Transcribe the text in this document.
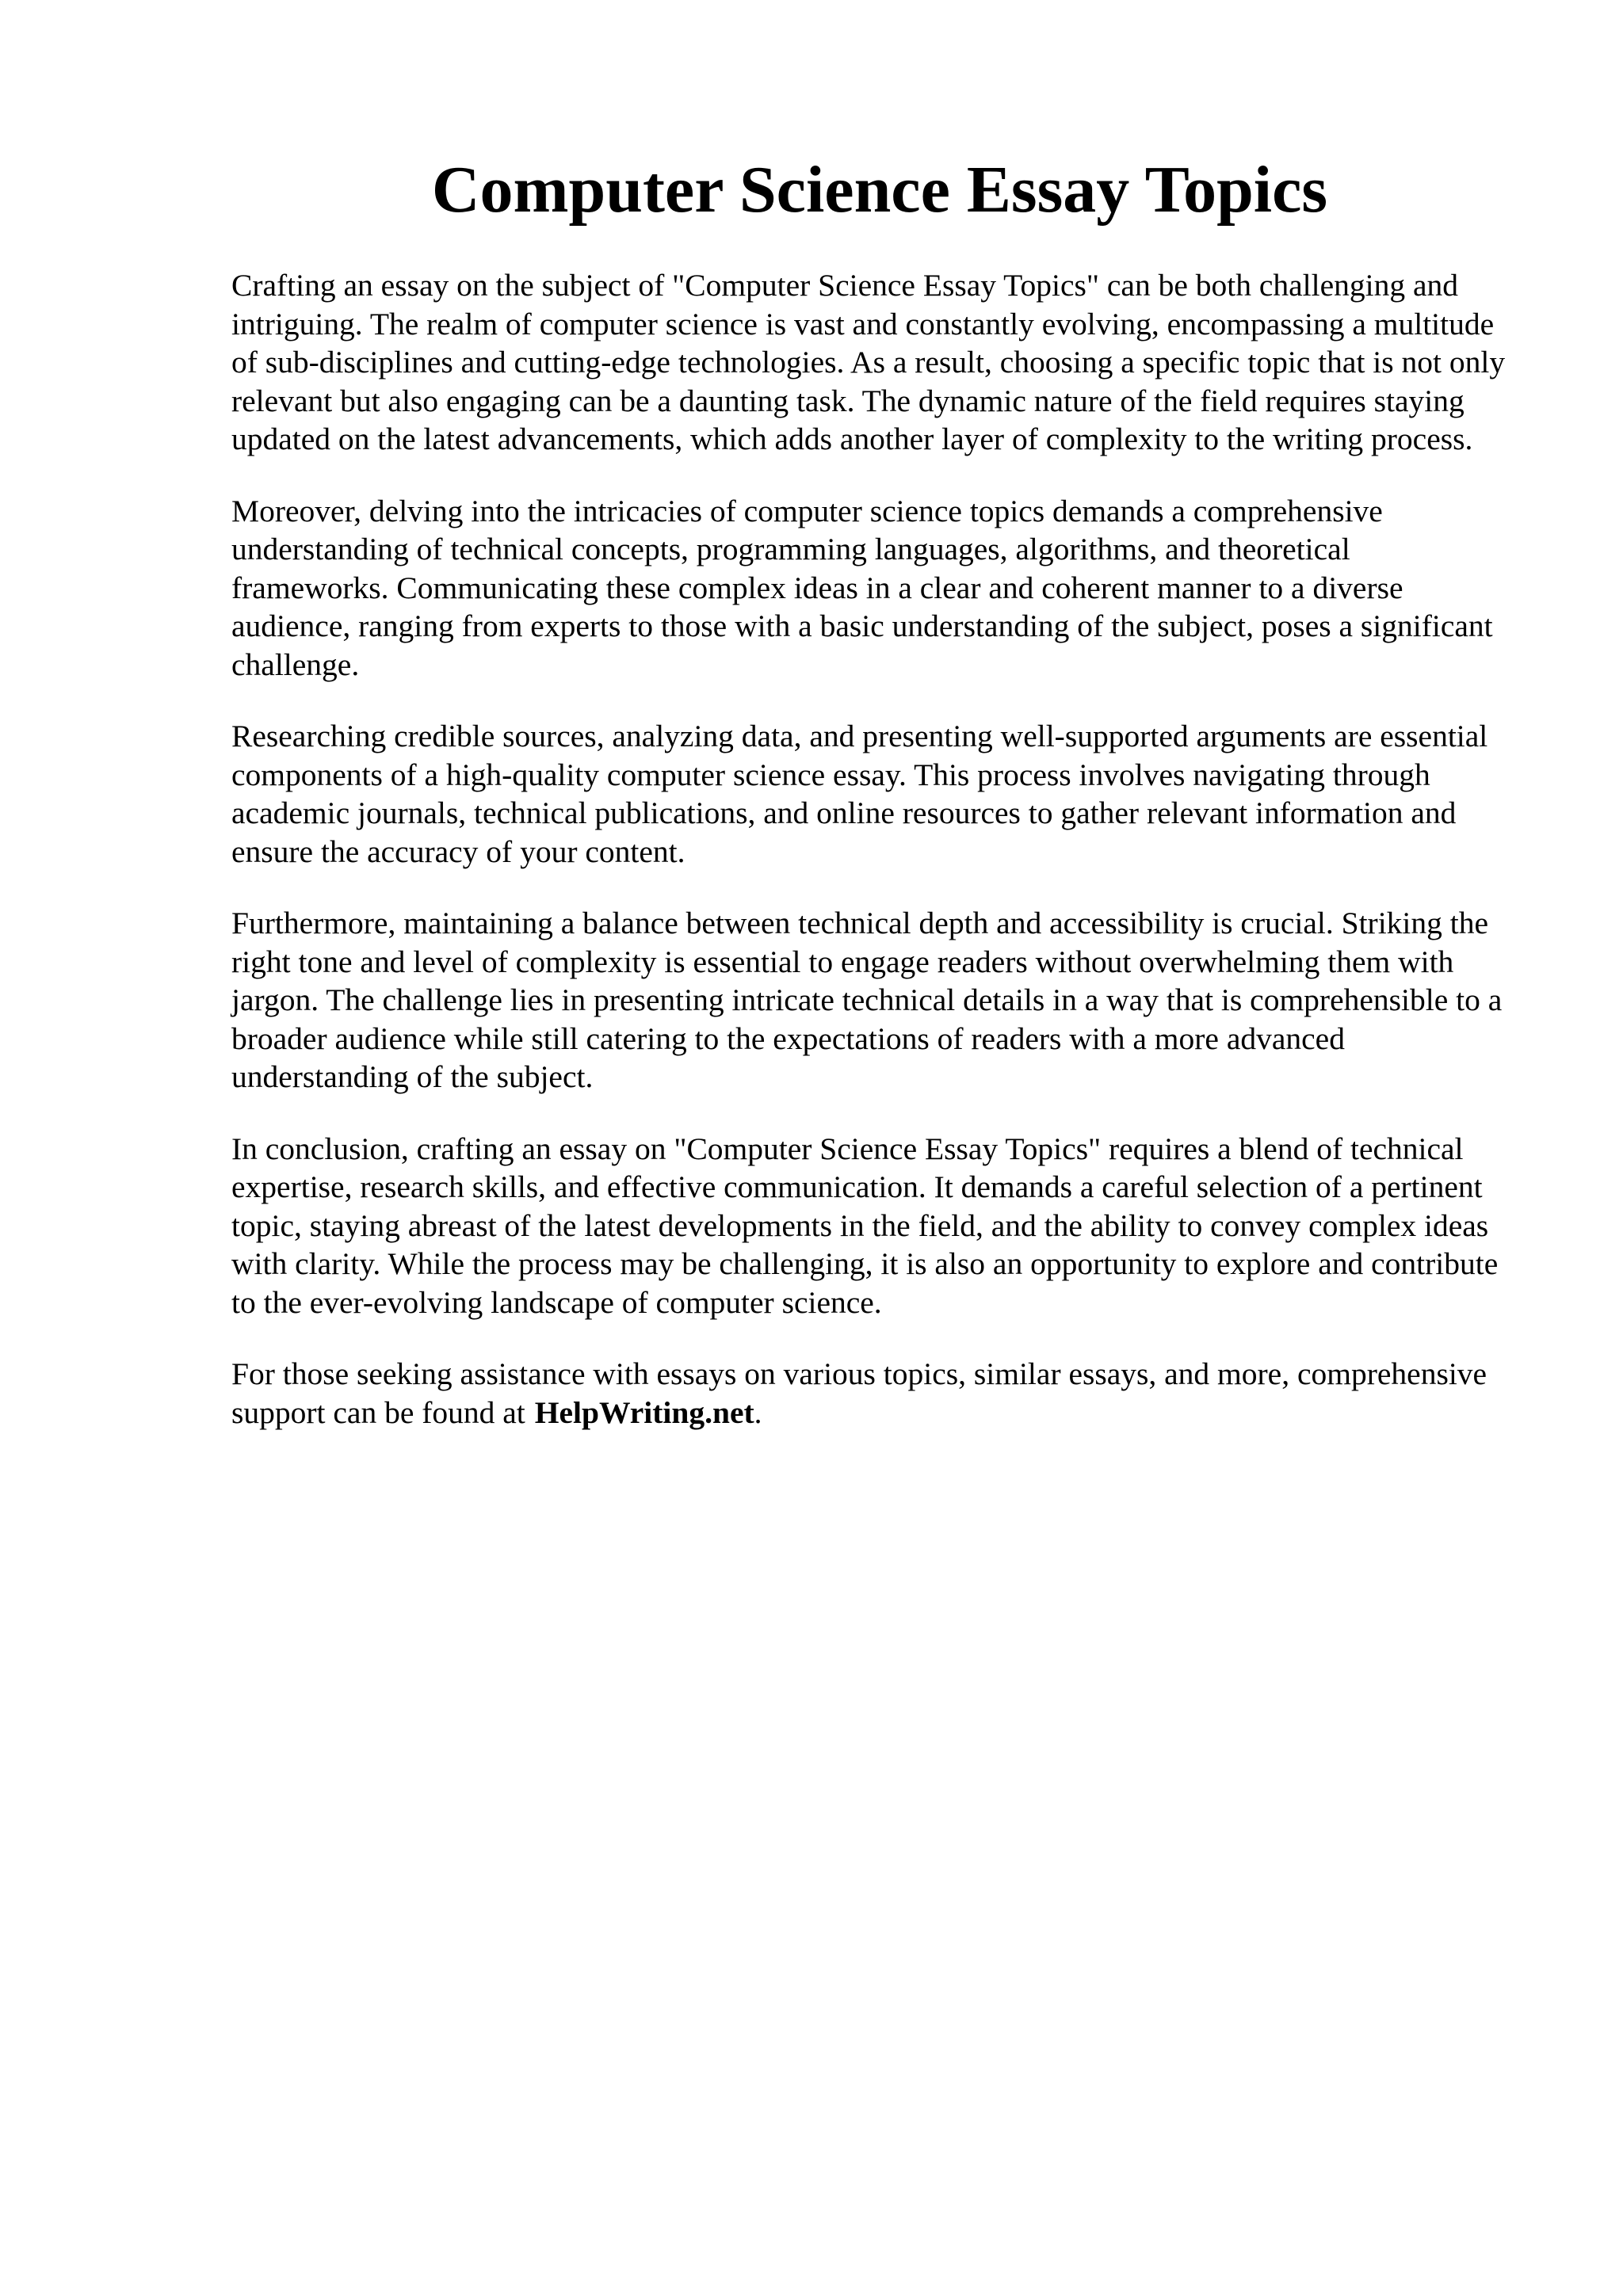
Computer Science Essay Topics

Crafting an essay on the subject of "Computer Science Essay Topics" can be both challenging and intriguing. The realm of computer science is vast and constantly evolving, encompassing a multitude of sub-disciplines and cutting-edge technologies. As a result, choosing a specific topic that is not only relevant but also engaging can be a daunting task. The dynamic nature of the field requires staying updated on the latest advancements, which adds another layer of complexity to the writing process.

Moreover, delving into the intricacies of computer science topics demands a comprehensive understanding of technical concepts, programming languages, algorithms, and theoretical frameworks. Communicating these complex ideas in a clear and coherent manner to a diverse audience, ranging from experts to those with a basic understanding of the subject, poses a significant challenge.

Researching credible sources, analyzing data, and presenting well-supported arguments are essential components of a high-quality computer science essay. This process involves navigating through academic journals, technical publications, and online resources to gather relevant information and ensure the accuracy of your content.

Furthermore, maintaining a balance between technical depth and accessibility is crucial. Striking the right tone and level of complexity is essential to engage readers without overwhelming them with jargon. The challenge lies in presenting intricate technical details in a way that is comprehensible to a broader audience while still catering to the expectations of readers with a more advanced understanding of the subject.

In conclusion, crafting an essay on "Computer Science Essay Topics" requires a blend of technical expertise, research skills, and effective communication. It demands a careful selection of a pertinent topic, staying abreast of the latest developments in the field, and the ability to convey complex ideas with clarity. While the process may be challenging, it is also an opportunity to explore and contribute to the ever-evolving landscape of computer science.

For those seeking assistance with essays on various topics, similar essays, and more, comprehensive support can be found at HelpWriting.net.
